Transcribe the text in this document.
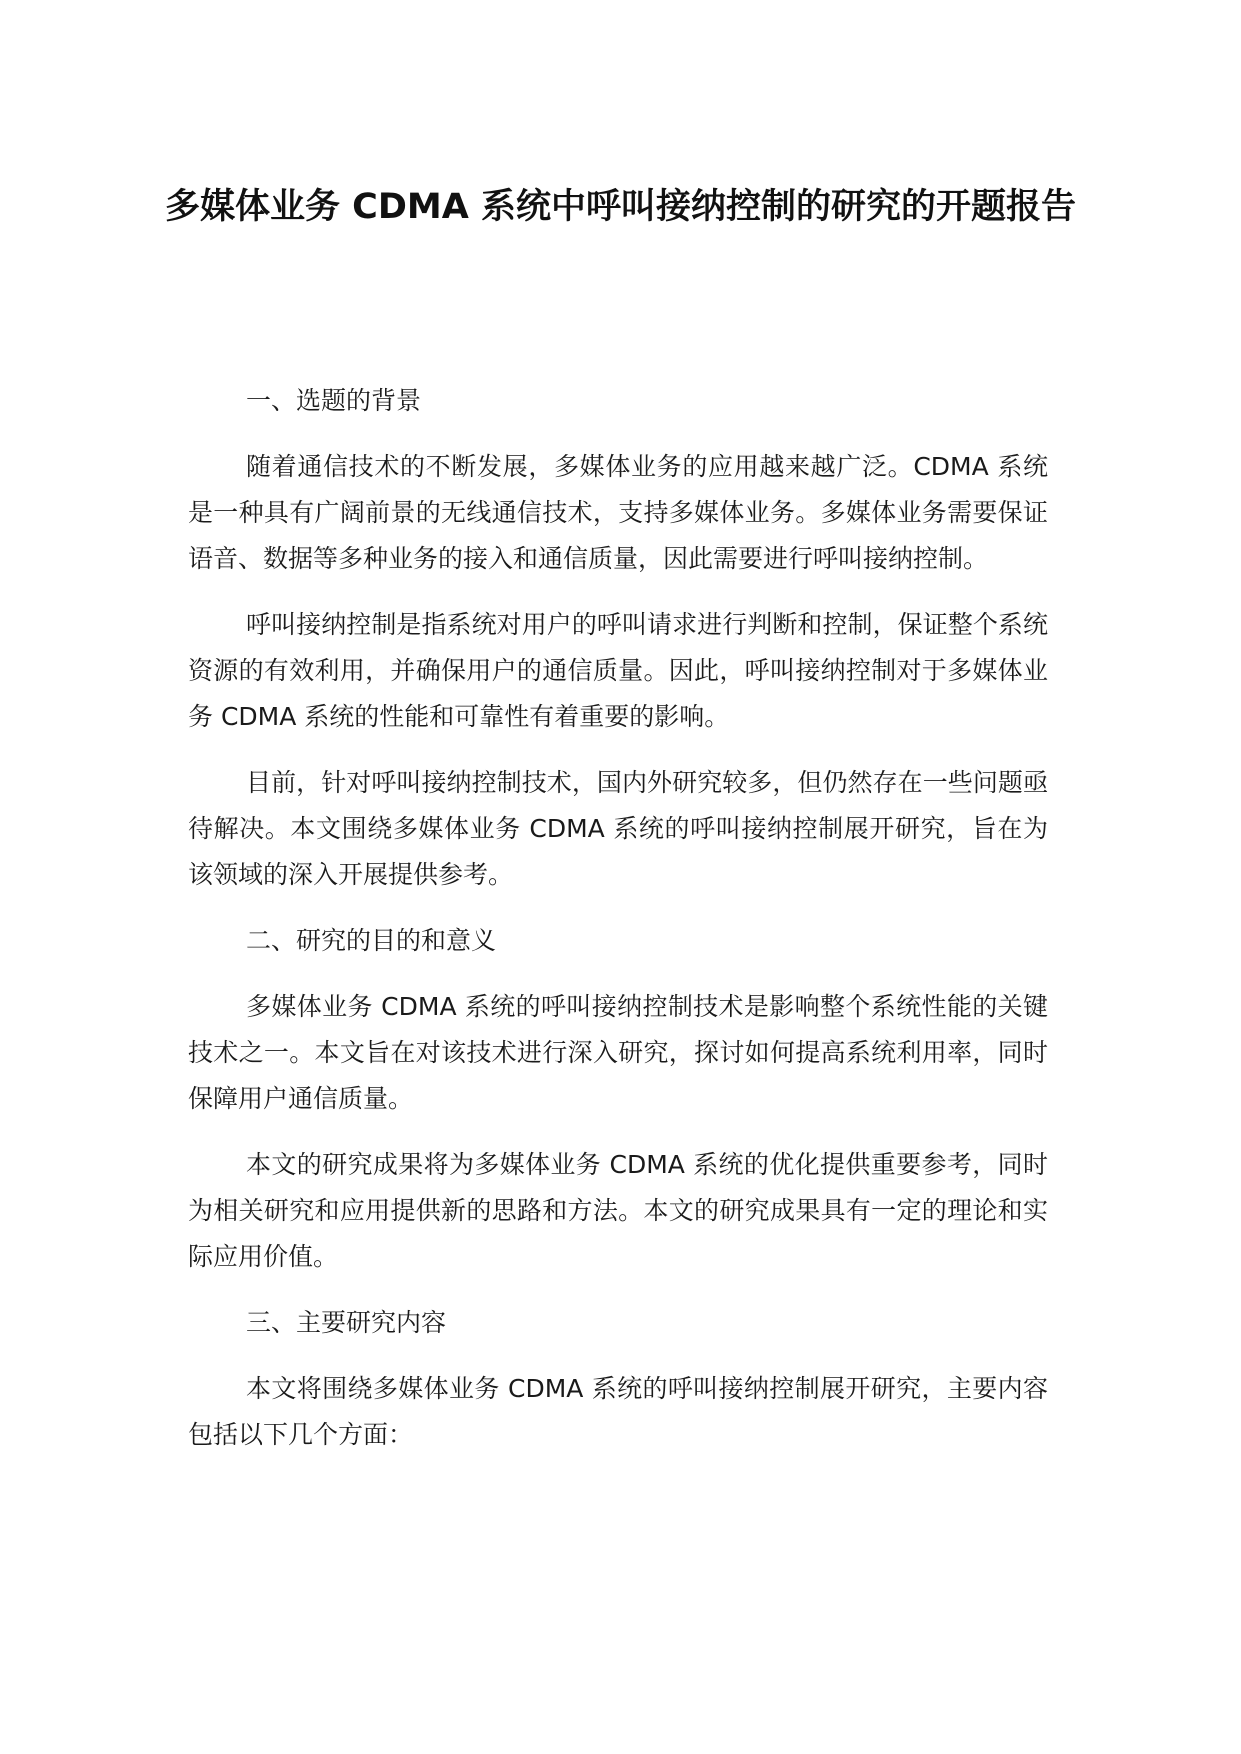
多媒体业务 CDMA 系统中呼叫接纳控制的研究的开题报告
一、选题的背景

随着通信技术的不断发展，多媒体业务的应用越来越广泛。CDMA 系统是一种具有广阔前景的无线通信技术，支持多媒体业务。多媒体业务需要保证语音、数据等多种业务的接入和通信质量，因此需要进行呼叫接纳控制。

呼叫接纳控制是指系统对用户的呼叫请求进行判断和控制，保证整个系统资源的有效利用，并确保用户的通信质量。因此，呼叫接纳控制对于多媒体业务 CDMA 系统的性能和可靠性有着重要的影响。

目前，针对呼叫接纳控制技术，国内外研究较多，但仍然存在一些问题亟待解决。本文围绕多媒体业务 CDMA 系统的呼叫接纳控制展开研究，旨在为该领域的深入开展提供参考。

二、研究的目的和意义

多媒体业务 CDMA 系统的呼叫接纳控制技术是影响整个系统性能的关键技术之一。本文旨在对该技术进行深入研究，探讨如何提高系统利用率，同时保障用户通信质量。

本文的研究成果将为多媒体业务 CDMA 系统的优化提供重要参考，同时为相关研究和应用提供新的思路和方法。本文的研究成果具有一定的理论和实际应用价值。

三、主要研究内容

本文将围绕多媒体业务 CDMA 系统的呼叫接纳控制展开研究，主要内容包括以下几个方面：
